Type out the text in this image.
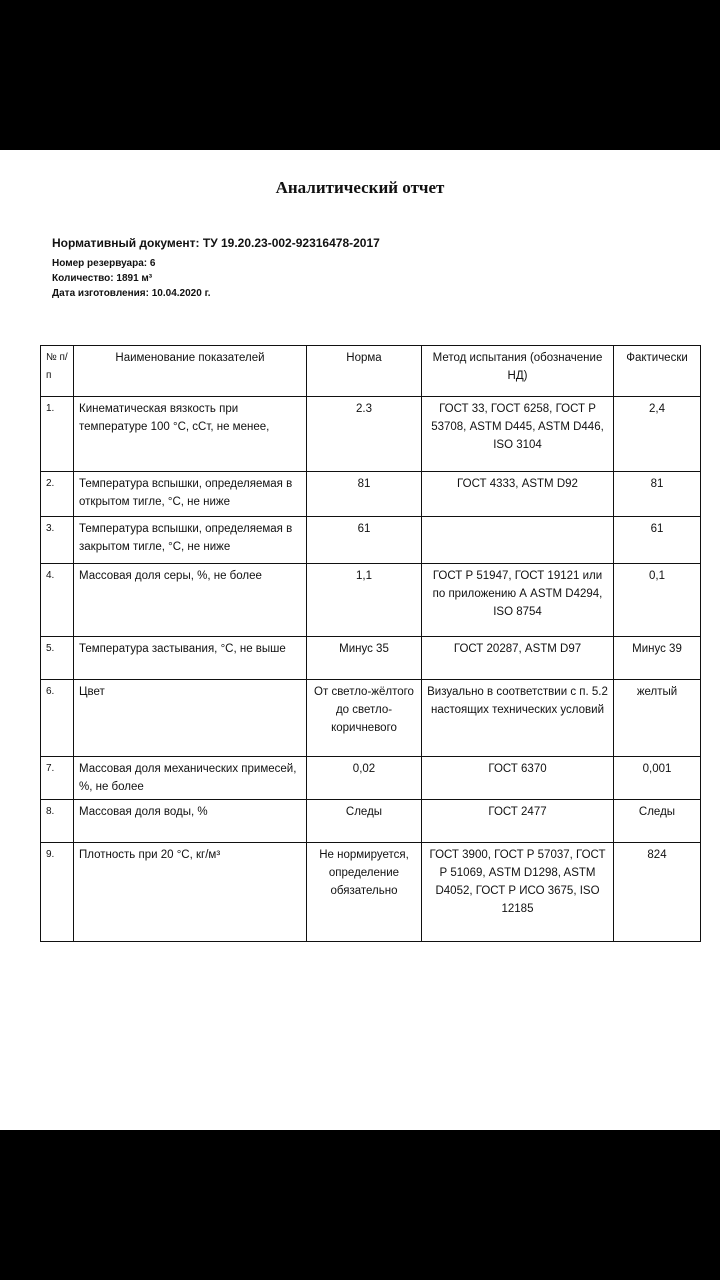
Аналитический отчет
Нормативный документ: ТУ 19.20.23-002-92316478-2017
Номер резервуара: 6
Количество: 1891 м³
Дата изготовления: 10.04.2020 г.
№ п/ п	Наименование показателей	Норма	Метод испытания (обозначение НД)	Фактически
1.	Кинематическая вязкость при температуре 100 °С, сСт, не менее,	2.3	ГОСТ 33, ГОСТ 6258, ГОСТ Р 53708, ASTM D445, ASTM D446, ISO 3104	2,4
2.	Температура вспышки, определяемая в открытом тигле, °С, не ниже	81	ГОСТ 4333, ASTM D92	81
3.	Температура вспышки, определяемая в закрытом тигле, °С, не ниже	61		61
4.	Массовая доля серы, %, не более	1,1	ГОСТ Р 51947, ГОСТ 19121 или по приложению А ASTM D4294, ISO 8754	0,1
5.	Температура застывания, °С, не выше	Минус 35	ГОСТ 20287, ASTM D97	Минус 39
6.	Цвет	От светло-жёлтого до светло-коричневого	Визуально в соответствии с п. 5.2 настоящих технических условий	желтый
7.	Массовая доля механических примесей, %, не более	0,02	ГОСТ 6370	0,001
8.	Массовая доля воды, %	Следы	ГОСТ 2477	Следы
9.	Плотность при 20 °С, кг/м³	Не нормируется, определение обязательно	ГОСТ 3900, ГОСТ Р 57037, ГОСТ Р 51069, ASTM D1298, ASTM D4052, ГОСТ Р ИСО 3675, ISO 12185	824
